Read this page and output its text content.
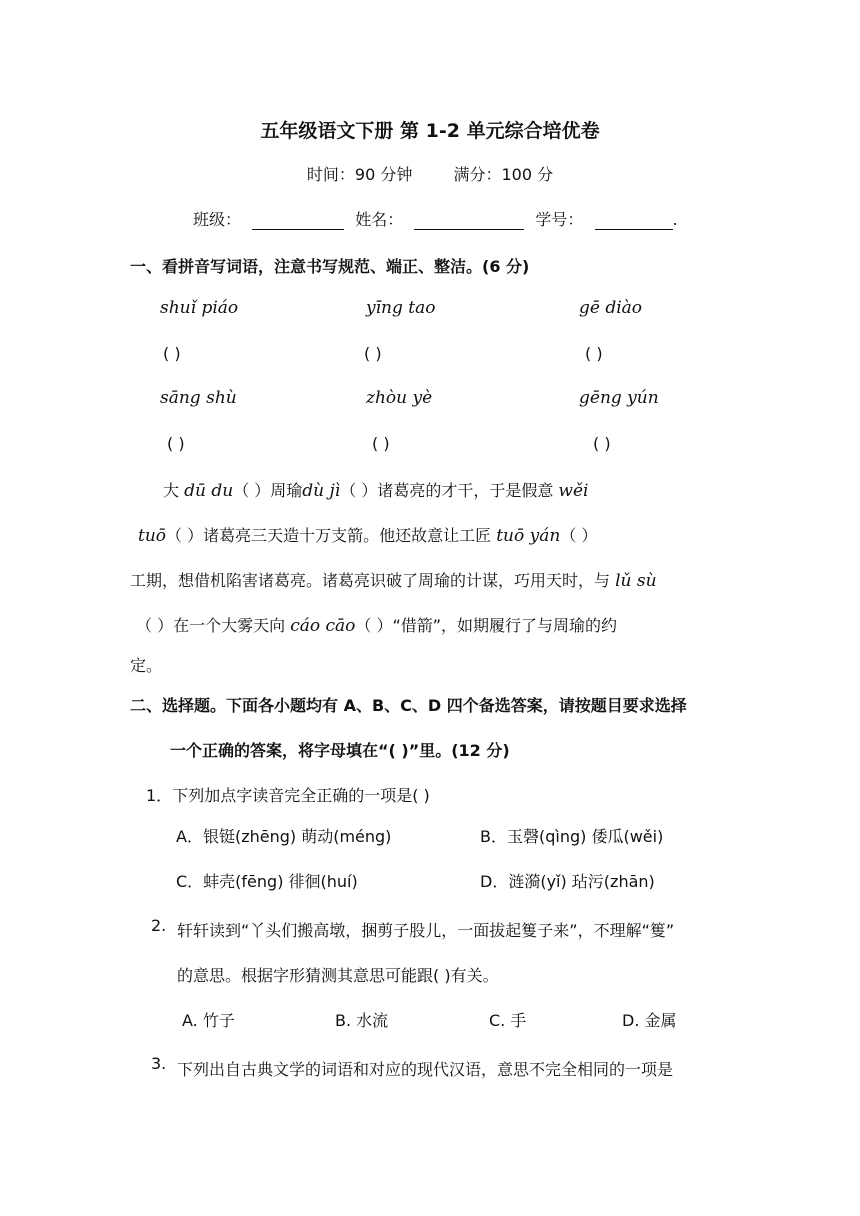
五年级语文下册 第 1-2 单元综合培优卷
时间：90 分钟	满分：100 分
班级：	姓名：	学号：	.
一、看拼音写词语，注意书写规范、端正、整洁。(6 分)
shuǐ piáo	yīng tao	gē diào
( )	( )	( )
sāng shù	zhòu yè	gēng yún
( )	( )	( )
大 dū du（ ）周瑜dù jì（ ）诸葛亮的才干，于是假意 wěi
tuō（ ）诸葛亮三天造十万支箭。他还故意让工匠 tuō yán（ ）
工期，想借机陷害诸葛亮。诸葛亮识破了周瑜的计谋，巧用天时，与 lǔ sù
（ ）在一个大雾天向 cáo cāo（ ）“借箭”，如期履行了与周瑜的约
定。
二、选择题。下面各小题均有 A、B、C、D 四个备选答案，请按题目要求选择
一个正确的答案，将字母填在“( )”里。(12 分)
1．下列加点字读音完全正确的一项是( )
A．银铤(zhēng) 萌动(méng)	B．玉磬(qìng) 倭瓜(wěi)
C．蚌壳(fēng) 徘徊(huí)	D．涟漪(yǐ) 玷污(zhān)
2. 轩轩读到“丫头们搬高墩，捆剪子股儿，一面拔起篗子来”，不理解“篗”
的意思。根据字形猜测其意思可能跟( )有关。
A. 竹子	B. 水流	C. 手	D. 金属
3. 下列出自古典文学的词语和对应的现代汉语，意思不完全相同的一项是
